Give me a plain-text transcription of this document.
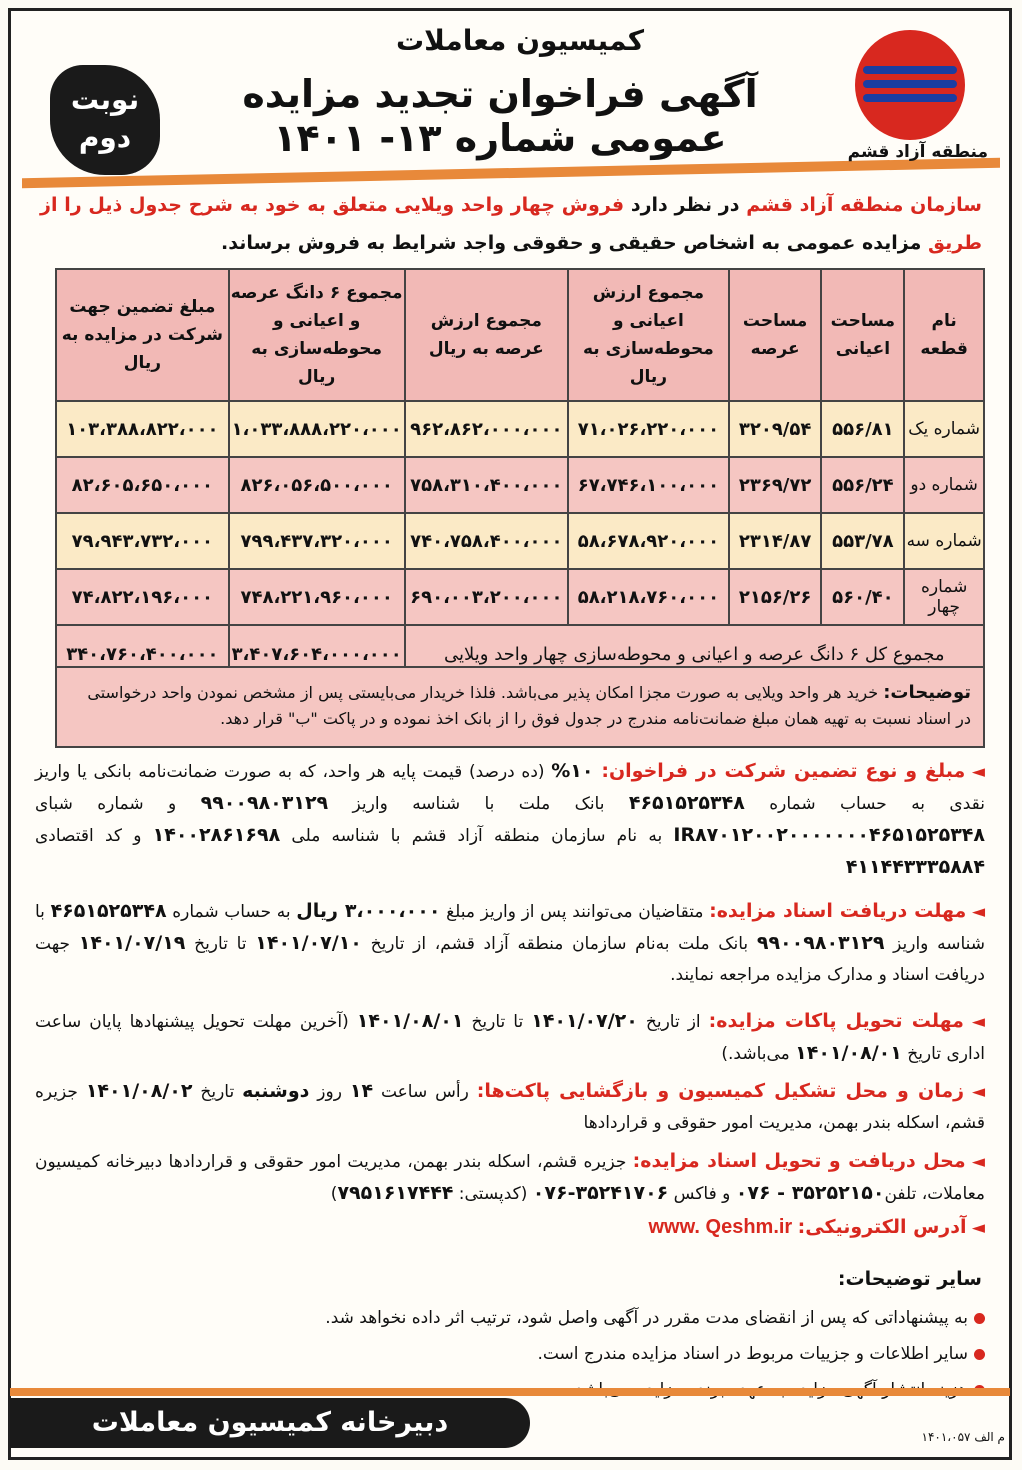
کمیسیون معاملات
آگهی فراخوان تجدید مزایده عمومی شماره ۱۳- ۱۴۰۱
نوبت
دوم	منطقه آزاد قشم
سازمان منطقه آزاد قشم در نظر دارد فروش چهار واحد ویلایی متعلق به خود به شرح جدول ذیل را از طریق مزایده عمومی به اشخاص حقیقی و حقوقی واجد شرایط به فروش برساند.
نام قطعه	مساحت اعیانی	مساحت عرصه	مجموع ارزش اعیانی و محوطه‌سازی به ریال	مجموع ارزش عرصه به ریال	مجموع ۶ دانگ عرصه و اعیانی و محوطه‌سازی به ریال	مبلغ تضمین جهت شرکت در مزایده به ریال
شماره یک	۵۵۶/۸۱	۳۲۰۹/۵۴	۷۱،۰۲۶،۲۲۰،۰۰۰	۹۶۲،۸۶۲،۰۰۰،۰۰۰	۱،۰۳۳،۸۸۸،۲۲۰،۰۰۰	۱۰۳،۳۸۸،۸۲۲،۰۰۰
شماره دو	۵۵۶/۲۴	۲۳۶۹/۷۲	۶۷،۷۴۶،۱۰۰،۰۰۰	۷۵۸،۳۱۰،۴۰۰،۰۰۰	۸۲۶،۰۵۶،۵۰۰،۰۰۰	۸۲،۶۰۵،۶۵۰،۰۰۰
شماره سه	۵۵۳/۷۸	۲۳۱۴/۸۷	۵۸،۶۷۸،۹۲۰،۰۰۰	۷۴۰،۷۵۸،۴۰۰،۰۰۰	۷۹۹،۴۳۷،۳۲۰،۰۰۰	۷۹،۹۴۳،۷۳۲،۰۰۰
شماره چهار	۵۶۰/۴۰	۲۱۵۶/۲۶	۵۸،۲۱۸،۷۶۰،۰۰۰	۶۹۰،۰۰۳،۲۰۰،۰۰۰	۷۴۸،۲۲۱،۹۶۰،۰۰۰	۷۴،۸۲۲،۱۹۶،۰۰۰
مجموع کل ۶ دانگ عرصه و اعیانی و محوطه‌سازی چهار واحد ویلایی					۳،۴۰۷،۶۰۴،۰۰۰،۰۰۰	۳۴۰،۷۶۰،۴۰۰،۰۰۰
توضیحات: خرید هر واحد ویلایی به صورت مجزا امکان پذیر می‌باشد. فلذا خریدار می‌بایستی پس از مشخص نمودن واحد درخواستی در اسناد نسبت به تهیه همان مبلغ ضمانت‌نامه مندرج در جدول فوق را از بانک اخذ نموده و در پاکت "ب" قرار دهد.
◄ مبلغ و نوع تضمین شرکت در فراخوان: ۱۰% (ده درصد) قیمت پایه هر واحد، که به صورت ضمانت‌نامه بانکی یا واریز نقدی به حساب شماره ۴۶۵۱۵۲۵۳۴۸ بانک ملت با شناسه واریز ۹۹۰۰۹۸۰۳۱۲۹ و شماره شبای IR۸۷۰۱۲۰۰۲۰۰۰۰۰۰۰۴۶۵۱۵۲۵۳۴۸ به نام سازمان منطقه آزاد قشم با شناسه ملی ۱۴۰۰۲۸۶۱۶۹۸ و کد اقتصادی ۴۱۱۴۴۳۳۳۵۸۸۴
◄ مهلت دریافت اسناد مزایده: متقاضیان می‌توانند پس از واریز مبلغ ۳،۰۰۰،۰۰۰ ریال به حساب شماره ۴۶۵۱۵۲۵۳۴۸ با شناسه واریز ۹۹۰۰۹۸۰۳۱۲۹ بانک ملت به‌نام سازمان منطقه آزاد قشم، از تاریخ ۱۴۰۱/۰۷/۱۰ تا تاریخ ۱۴۰۱/۰۷/۱۹ جهت دریافت اسناد و مدارک مزایده مراجعه نمایند.
◄ مهلت تحویل پاکات مزایده: از تاریخ ۱۴۰۱/۰۷/۲۰ تا تاریخ ۱۴۰۱/۰۸/۰۱ (آخرین مهلت تحویل پیشنهادها پایان ساعت اداری تاریخ ۱۴۰۱/۰۸/۰۱ می‌باشد.)
◄ زمان و محل تشکیل کمیسیون و بازگشایی پاکت‌ها: رأس ساعت ۱۴ روز دوشنبه تاریخ ۱۴۰۱/۰۸/۰۲ جزیره قشم، اسکله بندر بهمن، مدیریت امور حقوقی و قراردادها
◄ محل دریافت و تحویل اسناد مزایده: جزیره قشم، اسکله بندر بهمن، مدیریت امور حقوقی و قراردادها دبیرخانه کمیسیون معاملات، تلفن۳۵۲۵۲۱۵۰ - ۰۷۶ و فاکس ۳۵۲۴۱۷۰۶-۰۷۶ (کدپستی: ۷۹۵۱۶۱۷۴۴۴)
◄ آدرس الکترونیکی: www. Qeshm.ir
سایر توضیحات:
به پیشنهاداتی که پس از انقضای مدت مقرر در آگهی واصل شود، ترتیب اثر داده نخواهد شد.
سایر اطلاعات و جزییات مربوط در اسناد مزایده مندرج است.
دبیرخانه کمیسیون معاملات	م الف ۱۴۰۱،۰۵۷
